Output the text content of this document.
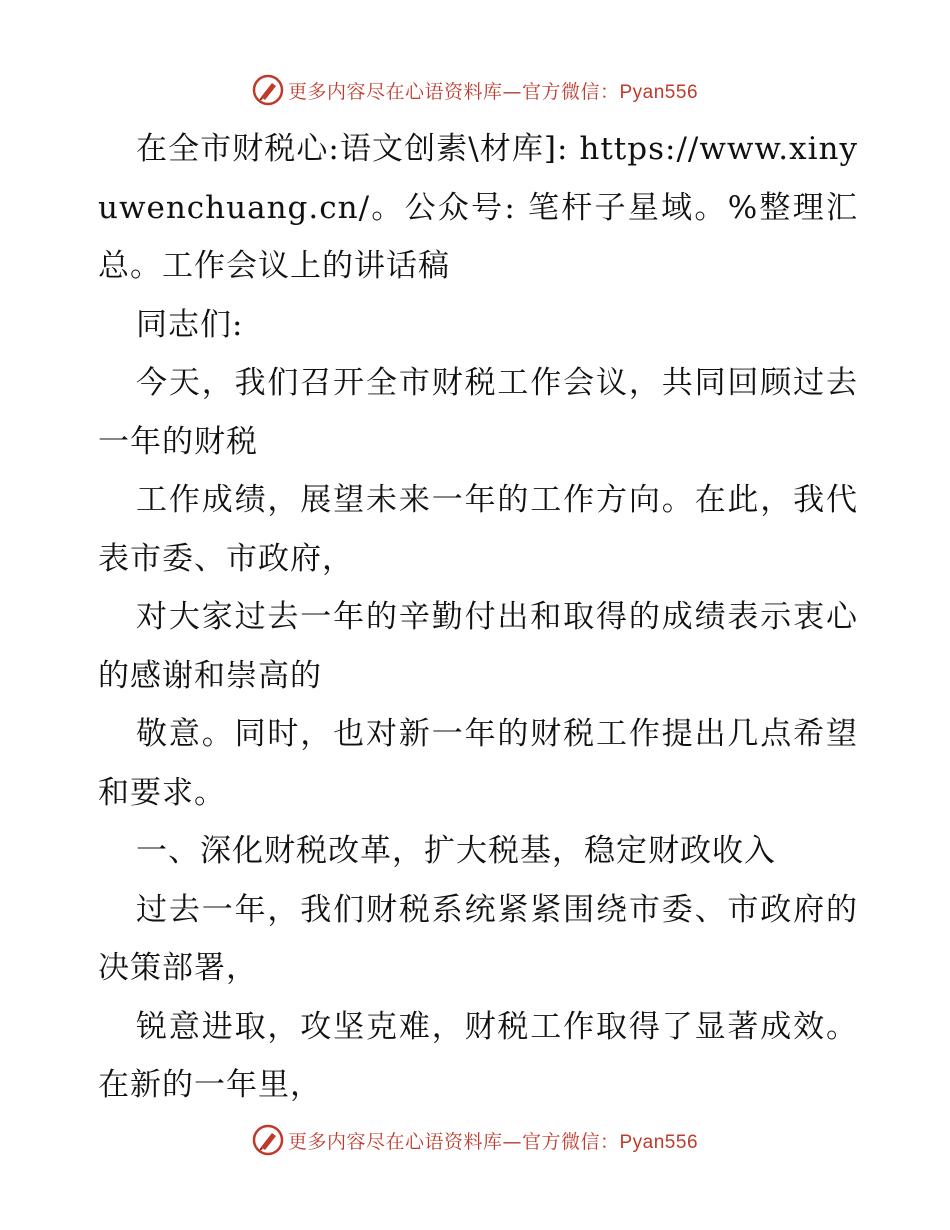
更多内容尽在心语资料库—官方微信：Pyan556

在全市财税心:语文创素\材库]: https://www.xinyuwenchuang.cn/。公众号: 笔杆子星域。%整理汇总。工作会议上的讲话稿

同志们:

今天，我们召开全市财税工作会议，共同回顾过去一年的财税

工作成绩，展望未来一年的工作方向。在此，我代表市委、市政府，

对大家过去一年的辛勤付出和取得的成绩表示衷心的感谢和崇高的

敬意。同时，也对新一年的财税工作提出几点希望和要求。

一、深化财税改革，扩大税基，稳定财政收入

过去一年，我们财税系统紧紧围绕市委、市政府的决策部署，

锐意进取，攻坚克难，财税工作取得了显著成效。在新的一年里，

更多内容尽在心语资料库—官方微信：Pyan556
